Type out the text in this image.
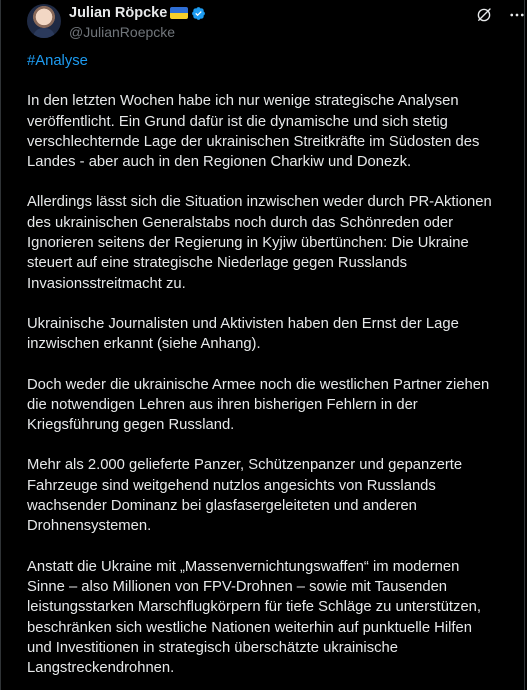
Julian Röpcke
@JulianRoepcke

#Analyse

In den letzten Wochen habe ich nur wenige strategische Analysen
veröffentlicht. Ein Grund dafür ist die dynamische und sich stetig
verschlechternde Lage der ukrainischen Streitkräfte im Südosten des
Landes - aber auch in den Regionen Charkiw und Donezk.

Allerdings lässt sich die Situation inzwischen weder durch PR-Aktionen
des ukrainischen Generalstabs noch durch das Schönreden oder
Ignorieren seitens der Regierung in Kyjiw übertünchen: Die Ukraine
steuert auf eine strategische Niederlage gegen Russlands
Invasionsstreitmacht zu.

Ukrainische Journalisten und Aktivisten haben den Ernst der Lage
inzwischen erkannt (siehe Anhang).

Doch weder die ukrainische Armee noch die westlichen Partner ziehen
die notwendigen Lehren aus ihren bisherigen Fehlern in der
Kriegsführung gegen Russland.

Mehr als 2.000 gelieferte Panzer, Schützenpanzer und gepanzerte
Fahrzeuge sind weitgehend nutzlos angesichts von Russlands
wachsender Dominanz bei glasfasergeleiteten und anderen
Drohnensystemen.

Anstatt die Ukraine mit „Massenvernichtungswaffen“ im modernen
Sinne – also Millionen von FPV-Drohnen – sowie mit Tausenden
leistungsstarken Marschflugkörpern für tiefe Schläge zu unterstützen,
beschränken sich westliche Nationen weiterhin auf punktuelle Hilfen
und Investitionen in strategisch überschätzte ukrainische
Langstreckendrohnen.
